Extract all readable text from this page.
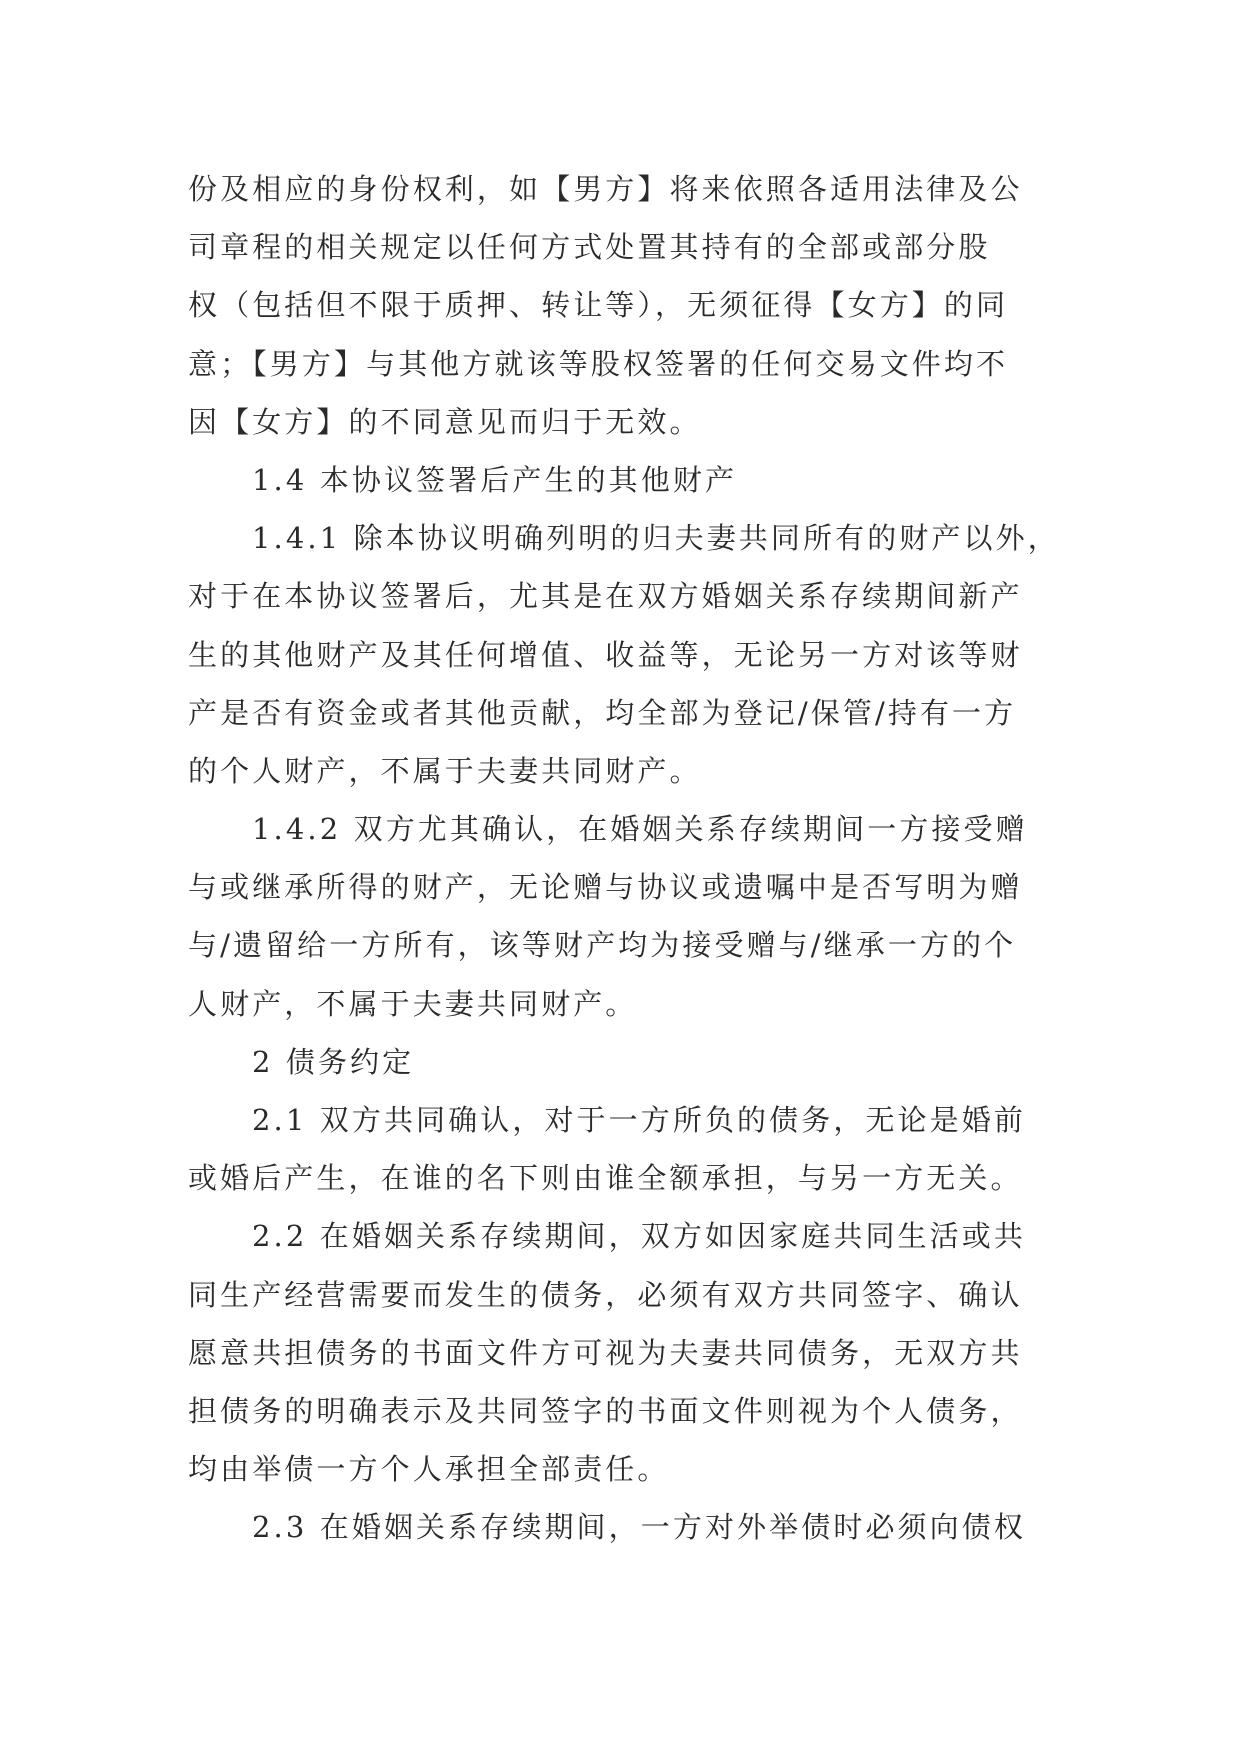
份及相应的身份权利，如【男方】将来依照各适用法律及公
司章程的相关规定以任何方式处置其持有的全部或部分股
权（包括但不限于质押、转让等），无须征得【女方】的同
意；【男方】与其他方就该等股权签署的任何交易文件均不
因【女方】的不同意见而归于无效。
1.4 本协议签署后产生的其他财产
1.4.1 除本协议明确列明的归夫妻共同所有的财产以外，
对于在本协议签署后，尤其是在双方婚姻关系存续期间新产
生的其他财产及其任何增值、收益等，无论另一方对该等财
产是否有资金或者其他贡献，均全部为登记/保管/持有一方
的个人财产，不属于夫妻共同财产。
1.4.2 双方尤其确认，在婚姻关系存续期间一方接受赠
与或继承所得的财产，无论赠与协议或遗嘱中是否写明为赠
与/遗留给一方所有，该等财产均为接受赠与/继承一方的个
人财产，不属于夫妻共同财产。
2 债务约定
2.1 双方共同确认，对于一方所负的债务，无论是婚前
或婚后产生，在谁的名下则由谁全额承担，与另一方无关。
2.2 在婚姻关系存续期间，双方如因家庭共同生活或共
同生产经营需要而发生的债务，必须有双方共同签字、确认
愿意共担债务的书面文件方可视为夫妻共同债务，无双方共
担债务的明确表示及共同签字的书面文件则视为个人债务，
均由举债一方个人承担全部责任。
2.3 在婚姻关系存续期间，一方对外举债时必须向债权
